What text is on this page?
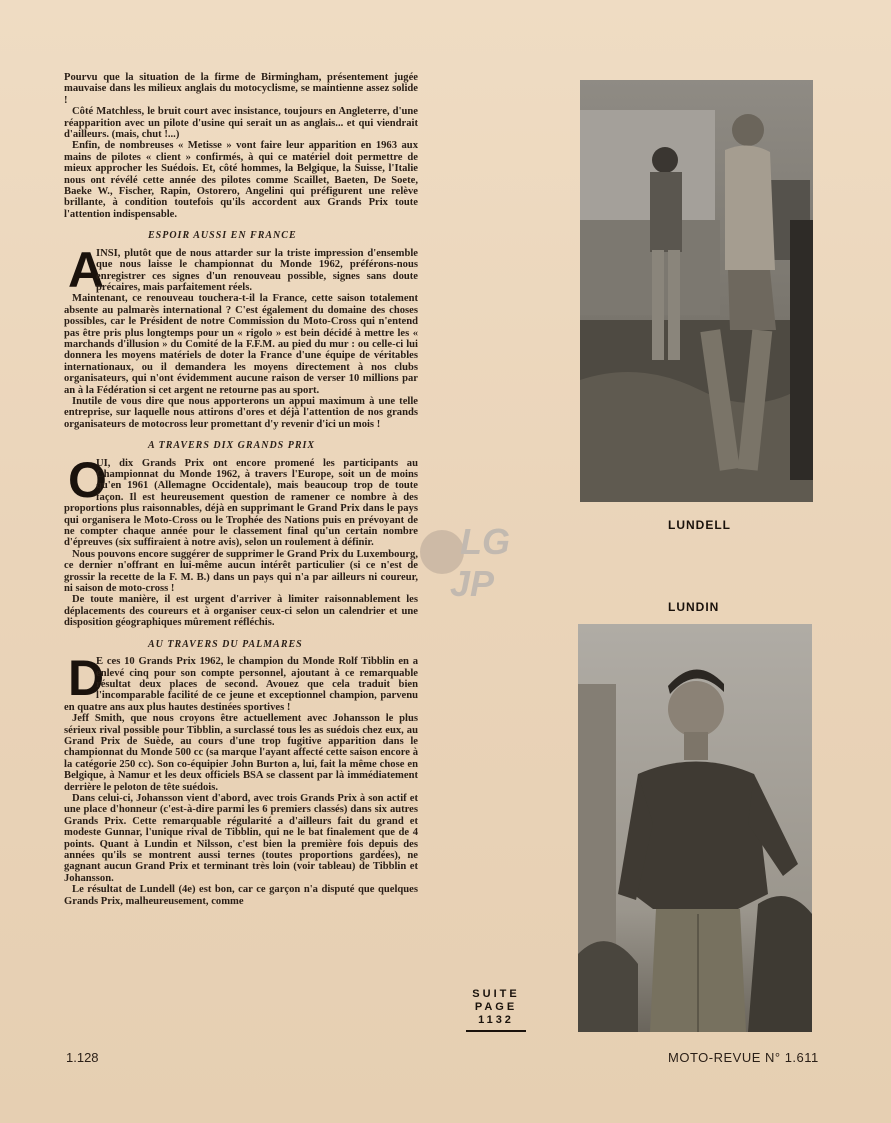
Pourvu que la situation de la firme de Birmingham, présentement jugée mauvaise dans les milieux anglais du motocyclisme, se maintienne assez solide !

Côté Matchless, le bruit court avec insistance, toujours en Angleterre, d'une réapparition avec un pilote d'usine qui serait un as anglais... et qui viendrait d'ailleurs. (mais, chut !...)

Enfin, de nombreuses « Metisse » vont faire leur apparition en 1963 aux mains de pilotes « client » confirmés, à qui ce matériel doit permettre de mieux approcher les Suédois. Et, côté hommes, la Belgique, la Suisse, l'Italie nous ont révélé cette année des pilotes comme Scaillet, Baeten, De Soete, Baeke W., Fischer, Rapin, Ostorero, Angelini qui préfigurent une relève brillante, à condition toutefois qu'ils accordent aux Grands Prix toute l'attention indispensable.

ESPOIR AUSSI EN FRANCE

A
INSI, plutôt que de nous attarder sur la triste impression d'ensemble que nous laisse le championnat du Monde 1962, préférons-nous enregistrer ces signes d'un renouveau possible, signes sans doute précaires, mais parfaitement réels.

Maintenant, ce renouveau touchera-t-il la France, cette saison totalement absente au palmarès international ? C'est également du domaine des choses possibles, car le Président de notre Commission du Moto-Cross qui n'entend pas être pris plus longtemps pour un « rigolo » est bein décidé à mettre les « marchands d'illusion » du Comité de la F.F.M. au pied du mur : ou celle-ci lui donnera les moyens matériels de doter la France d'une équipe de véritables internationaux, ou il demandera les moyens directement à nos clubs organisateurs, qui n'ont évidemment aucune raison de verser 10 millions par an à la Fédération si cet argent ne retourne pas au sport.

Inutile de vous dire que nous apporterons un appui maximum à une telle entreprise, sur laquelle nous attirons d'ores et déjà l'attention de nos grands organisateurs de motocross leur promettant d'y revenir d'ici un mois !

A TRAVERS DIX GRANDS PRIX

O
UI, dix Grands Prix ont encore promené les participants au Championnat du Monde 1962, à travers l'Europe, soit un de moins qu'en 1961 (Allemagne Occidentale), mais beaucoup trop de toute façon. Il est heureusement question de ramener ce nombre à des proportions plus raisonnables, déjà en supprimant le Grand Prix dans le pays qui organisera le Moto-Cross ou le Trophée des Nations puis en prévoyant de ne compter chaque année pour le classement final qu'un certain nombre d'épreuves (six suffiraient à notre avis), selon un roulement à définir.

Nous pouvons encore suggérer de supprimer le Grand Prix du Luxembourg, ce dernier n'offrant en lui-même aucun intérêt particulier (si ce n'est de grossir la recette de la F. M. B.) dans un pays qui n'a par ailleurs ni coureur, ni saison de moto-cross !

De toute manière, il est urgent d'arriver à limiter raisonnablement les déplacements des coureurs et à organiser ceux-ci selon un calendrier et une disposition géographiques mûrement réfléchis.

AU TRAVERS DU PALMARES

D
E ces 10 Grands Prix 1962, le champion du Monde Rolf Tibblin en a enlevé cinq pour son compte personnel, ajoutant à ce remarquable résultat deux places de second. Avouez que cela traduit bien l'incomparable facilité de ce jeune et exceptionnel champion, parvenu en quatre ans aux plus hautes destinées sportives !

Jeff Smith, que nous croyons être actuellement avec Johansson le plus sérieux rival possible pour Tibblin, a surclassé tous les as suédois chez eux, au Grand Prix de Suède, au cours d'une trop fugitive apparition dans le championnat du Monde 500 cc (sa marque l'ayant affecté cette saison encore à la catégorie 250 cc). Son co-équipier John Burton a, lui, fait la même chose en Belgique, à Namur et les deux officiels BSA se classent par là immédiatement derrière le peloton de tête suédois.

Dans celui-ci, Johansson vient d'abord, avec trois Grands Prix à son actif et une place d'honneur (c'est-à-dire parmi les 6 premiers classés) dans six autres Grands Prix. Cette remarquable régularité a d'ailleurs fait du grand et modeste Gunnar, l'unique rival de Tibblin, qui ne le bat finalement que de 4 points. Quant à Lundin et Nilsson, c'est bien la première fois depuis des années qu'ils se montrent aussi ternes (toutes proportions gardées), ne gagnant aucun Grand Prix et terminant très loin (voir tableau) de Tibblin et Johansson.

Le résultat de Lundell (4e) est bon, car ce garçon n'a disputé que quelques Grands Prix, malheureusement, comme

LUNDELL
LUNDIN
SUITE
PAGE
1132
LG
JP
1.128	MOTO-REVUE N° 1.611
